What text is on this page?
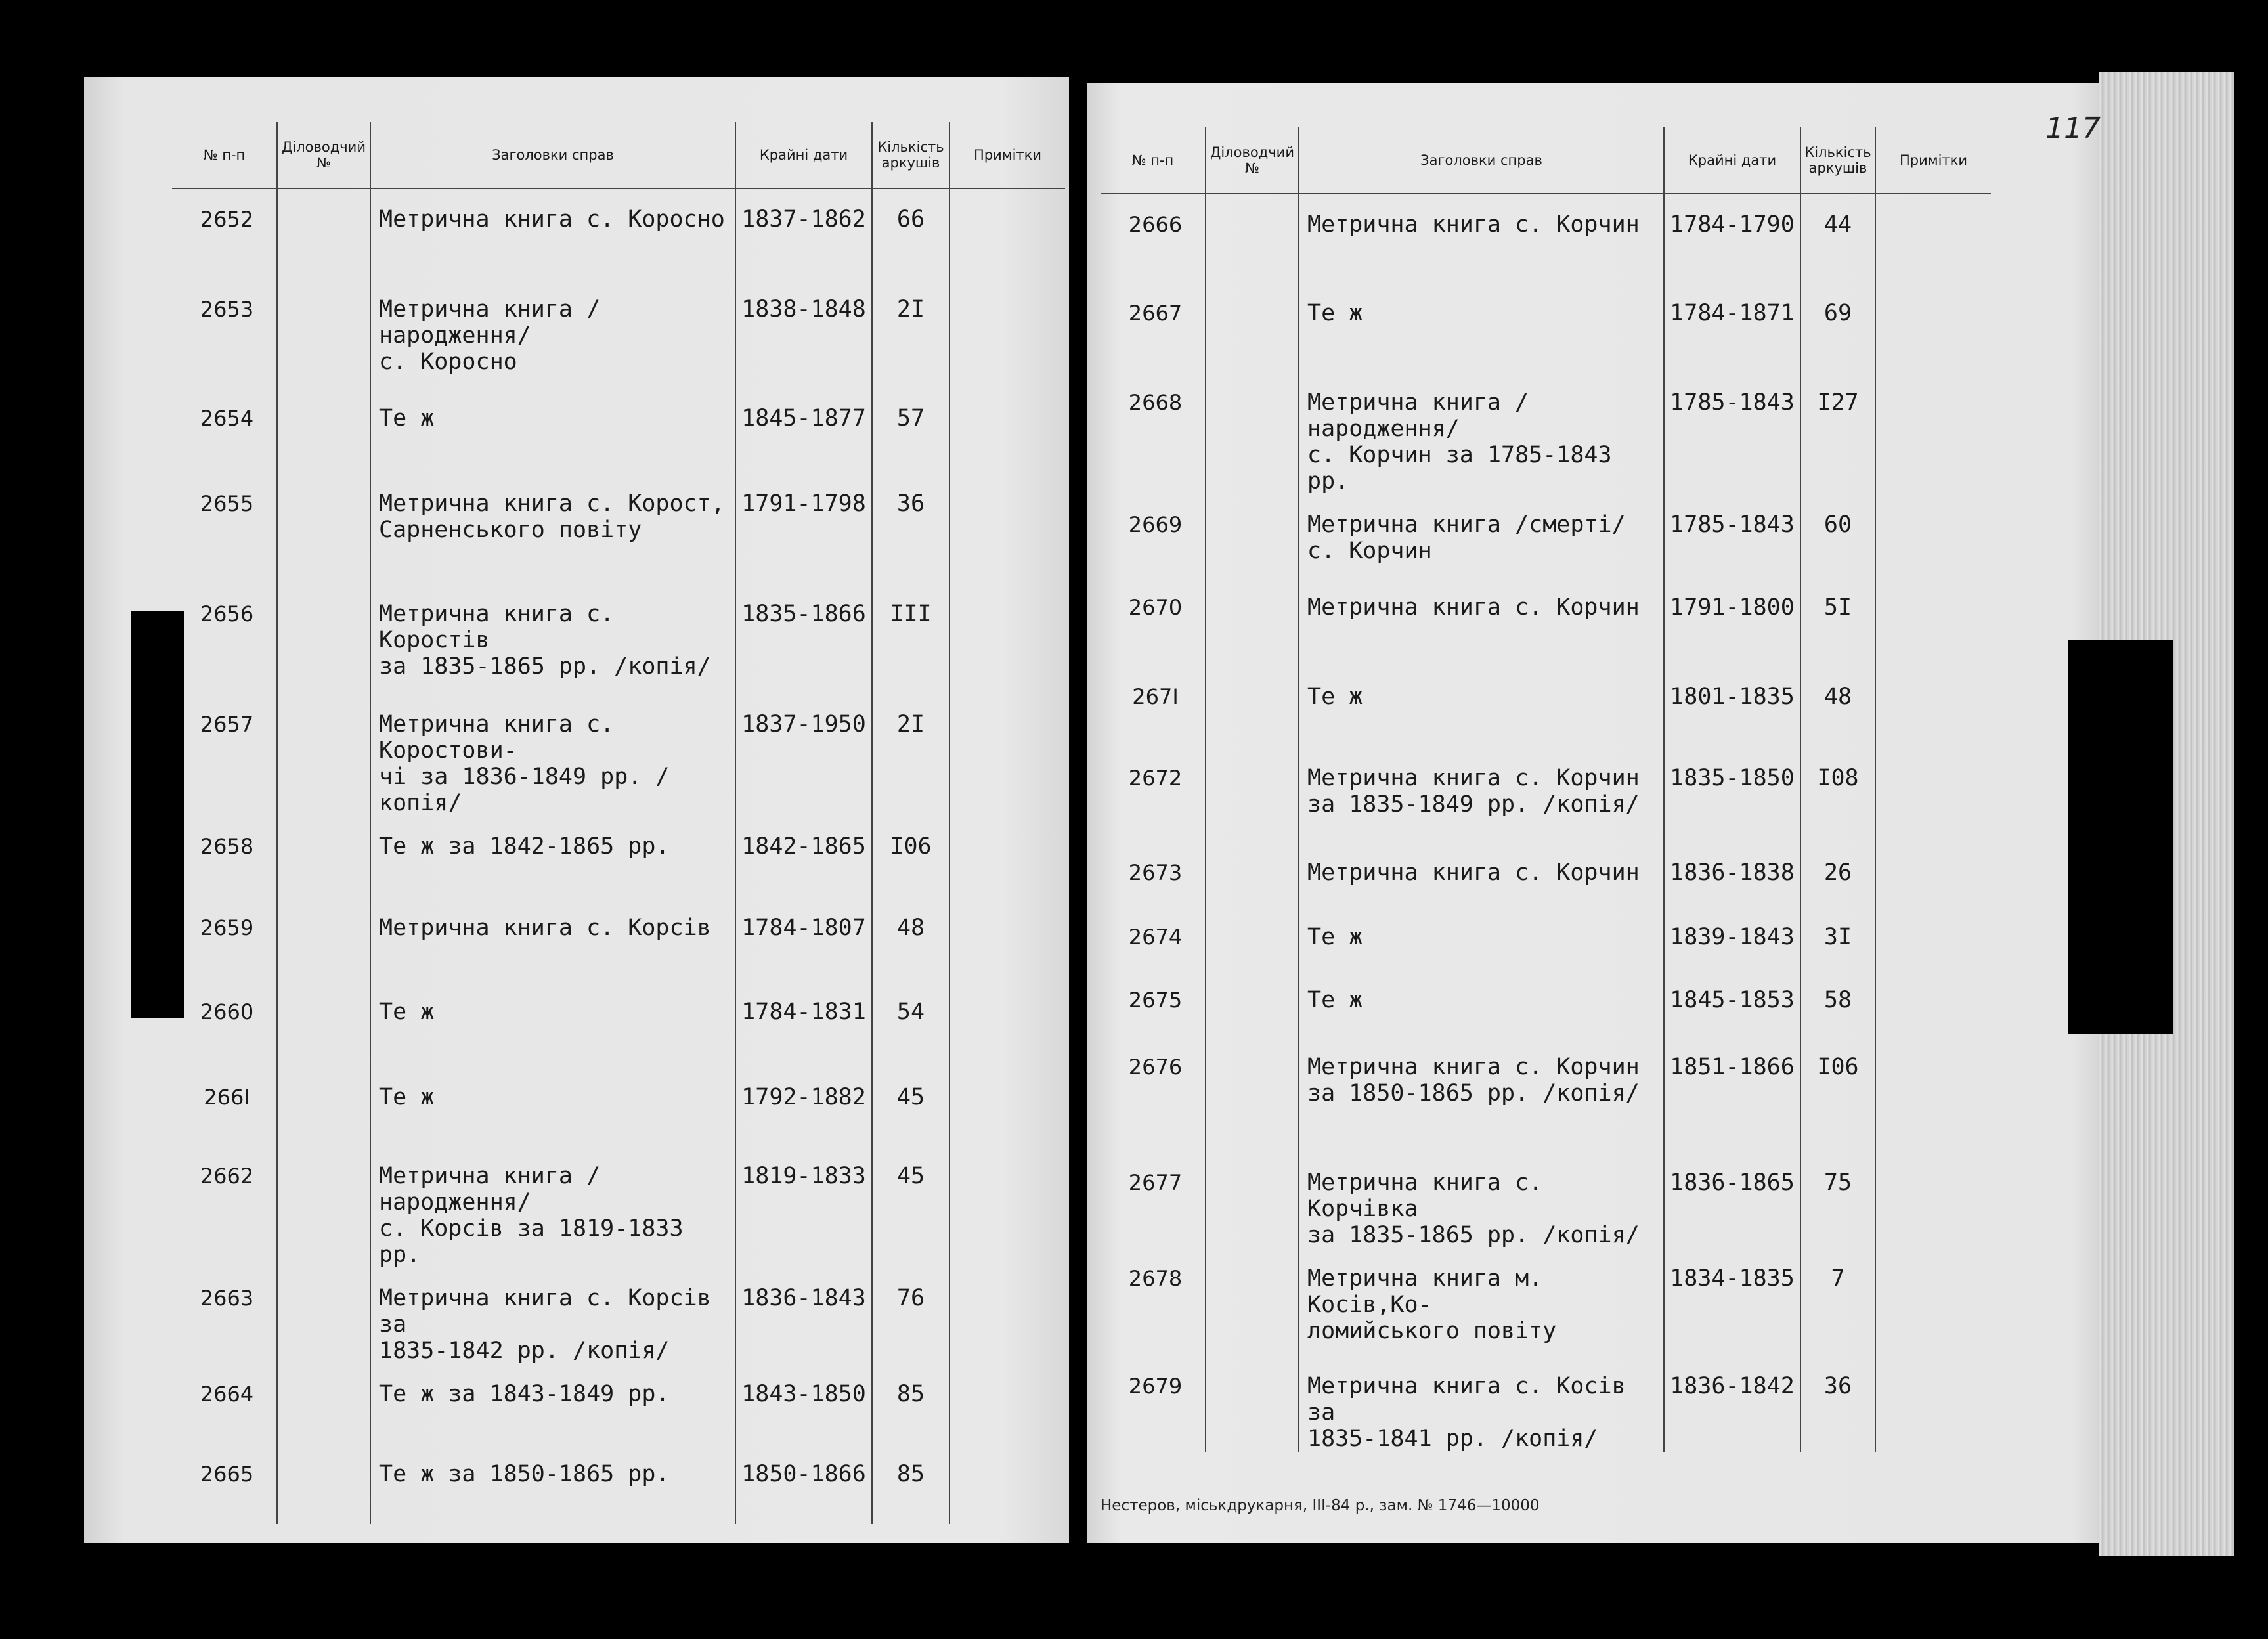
117
№ п-п	Діловодчий №	Заголовки справ	Крайні дати	Кількість аркушів	Примітки
2652		Метрична книга с. Коросно	1837-1862	66	
2653		Метрична книга /народження/
с. Коросно	1838-1848	2I	
2654		Те ж	1845-1877	57	
2655		Метрична книга с. Корост,
Сарненського повіту	1791-1798	36	
2656		Метрична книга с. Коростів
за 1835-1865 рр. /копія/	1835-1866	III	
2657		Метрична книга с. Коростови-
чі за 1836-1849 рр. /копія/	1837-1950	2I	
2658		Те ж за 1842-1865 рр.	1842-1865	I06	
2659		Метрична книга с. Корсів	1784-1807	48	
2660		Те ж	1784-1831	54	
266I		Те ж	1792-1882	45	
2662		Метрична книга /народження/
с. Корсів за 1819-1833 рр.	1819-1833	45	
2663		Метрична книга с. Корсів за
1835-1842 рр. /копія/	1836-1843	76	
2664		Те ж за 1843-1849 рр.	1843-1850	85	
2665		Те ж за 1850-1865 рр.	1850-1866	85	
№ п-п	Діловодчий №	Заголовки справ	Крайні дати	Кількість аркушів	Примітки
2666		Метрична книга с. Корчин	1784-1790	44	
2667		Те ж	1784-1871	69	
2668		Метрична книга /народження/
с. Корчин за 1785-1843 рр.	1785-1843	I27	
2669		Метрична книга /смерті/
с. Корчин	1785-1843	60	
2670		Метрична книга с. Корчин	1791-1800	5I	
267I		Те ж	1801-1835	48	
2672		Метрична книга с. Корчин
за 1835-1849 рр. /копія/	1835-1850	I08	
2673		Метрична книга с. Корчин	1836-1838	26	
2674		Те ж	1839-1843	3I	
2675		Те ж	1845-1853	58	
2676		Метрична книга с. Корчин
за 1850-1865 рр. /копія/	1851-1866	I06	
2677		Метрична книга с. Корчівка
за 1835-1865 рр. /копія/	1836-1865	75	
2678		Метрична книга м. Косів,Ко-
ломийського повіту	1834-1835	7	
2679		Метрична книга с. Косів за
1835-1841 рр. /копія/	1836-1842	36	
Нестеров, міськдрукарня, III-84 р., зам. № 1746—10000
